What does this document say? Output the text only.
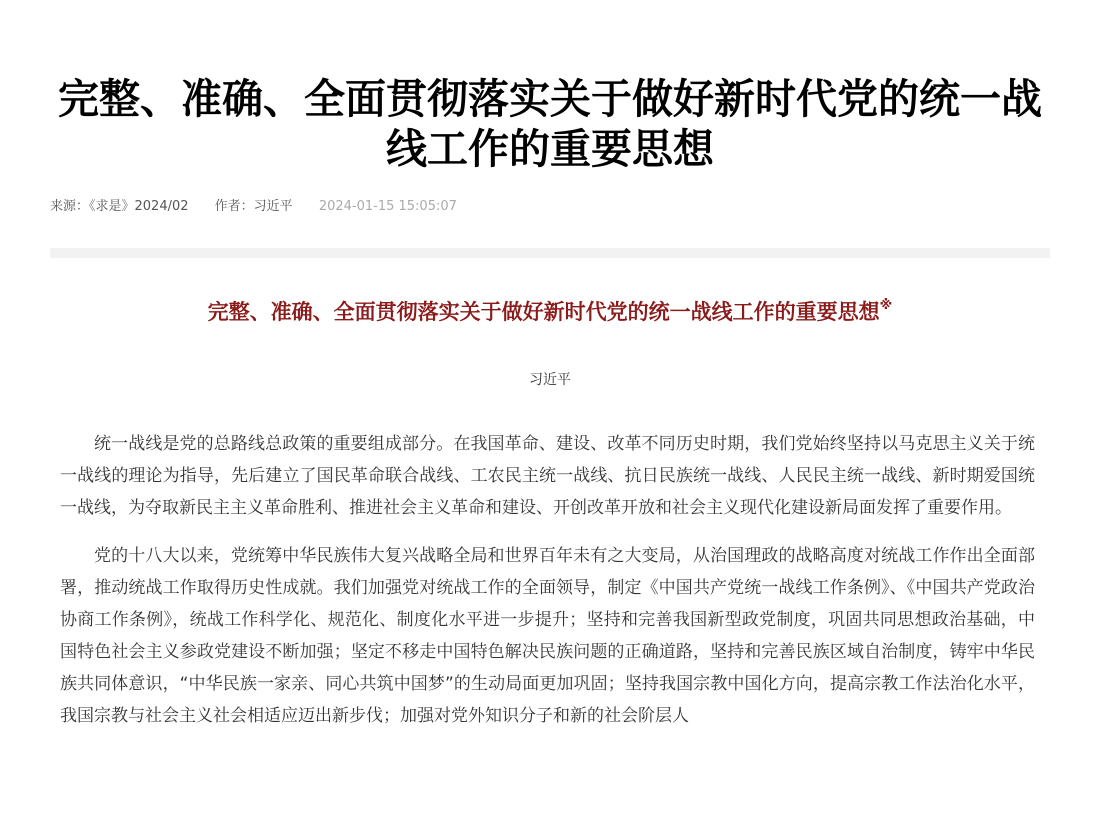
完整、准确、全面贯彻落实关于做好新时代党的统一战线工作的重要思想
来源：《求是》2024/02 作者：习近平 2024-01-15 15:05:07
完整、准确、全面贯彻落实关于做好新时代党的统一战线工作的重要思想※

习近平

统一战线是党的总路线总政策的重要组成部分。在我国革命、建设、改革不同历史时期，我们党始终坚持以马克思主义关于统一战线的理论为指导，先后建立了国民革命联合战线、工农民主统一战线、抗日民族统一战线、人民民主统一战线、新时期爱国统一战线，为夺取新民主主义革命胜利、推进社会主义革命和建设、开创改革开放和社会主义现代化建设新局面发挥了重要作用。

党的十八大以来，党统筹中华民族伟大复兴战略全局和世界百年未有之大变局，从治国理政的战略高度对统战工作作出全面部署，推动统战工作取得历史性成就。我们加强党对统战工作的全面领导，制定《中国共产党统一战线工作条例》、《中国共产党政治协商工作条例》，统战工作科学化、规范化、制度化水平进一步提升；坚持和完善我国新型政党制度，巩固共同思想政治基础，中国特色社会主义参政党建设不断加强；坚定不移走中国特色解决民族问题的正确道路，坚持和完善民族区域自治制度，铸牢中华民族共同体意识，“中华民族一家亲、同心共筑中国梦”的生动局面更加巩固；坚持我国宗教中国化方向，提高宗教工作法治化水平，我国宗教与社会主义社会相适应迈出新步伐；加强对党外知识分子和新的社会阶层人
